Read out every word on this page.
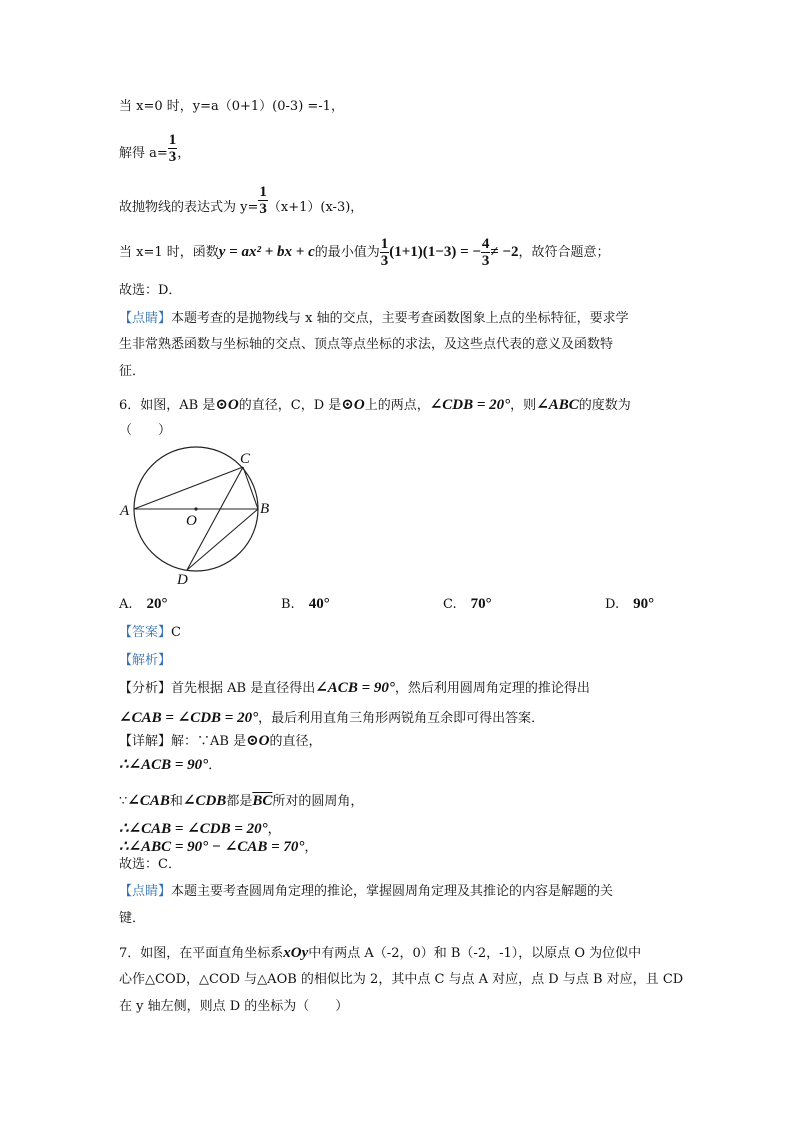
当 x=0 时，y=a（0+1）(0-3) =-1，
解得 $a= \frac{1}{3}$ ，
故抛物线的表达式为 $y= \frac{1}{3} (x+1)(x-3)$，
当 x=1 时，函数y = ax² + bx + c的最小值为 $\frac{1}{3} (1+1)(1-3)$ = − $\frac{4}{3} \ne -2$，故符合题意；
故选：D．
【点睛】本题考查的是抛物线与 x 轴的交点，主要考查函数图象上点的坐标特征，要求学
生非常熟悉函数与坐标轴的交点、顶点等点坐标的求法，及这些点代表的意义及函数特
征．
6．如图，AB 是⊙O的直径，C，D 是⊙O上的两点，∠CDB = 20°，则∠ABC的度数为
（　　）
A	B
C
D
O
A. 20°	B. 40°	C. 70°	D. 90°
【答案】C
【解析】
【分析】首先根据 AB 是直径得出∠ACB = 90°，然后利用圆周角定理的推论得出
∠CAB = ∠CDB = 20°，最后利用直角三角形两锐角互余即可得出答案．
【详解】解：∵AB 是⊙O的直径，
∴∠ACB = 90°．
∵∠CAB和∠CDB都是$\overline{BC}$所对的圆周角，
∴∠CAB = ∠CDB = 20°，
∴∠ABC = 90° − ∠CAB = 70°，
故选：C．
【点睛】本题主要考查圆周角定理的推论，掌握圆周角定理及其推论的内容是解题的关
键．
7．如图，在平面直角坐标系xOy中有两点 A（-2，0）和 B（-2，-1），以原点 O 为位似中
心作△COD，△COD 与△AOB 的相似比为 2，其中点 C 与点 A 对应，点 D 与点 B 对应，且 CD
在 y 轴左侧，则点 D 的坐标为（　　）
